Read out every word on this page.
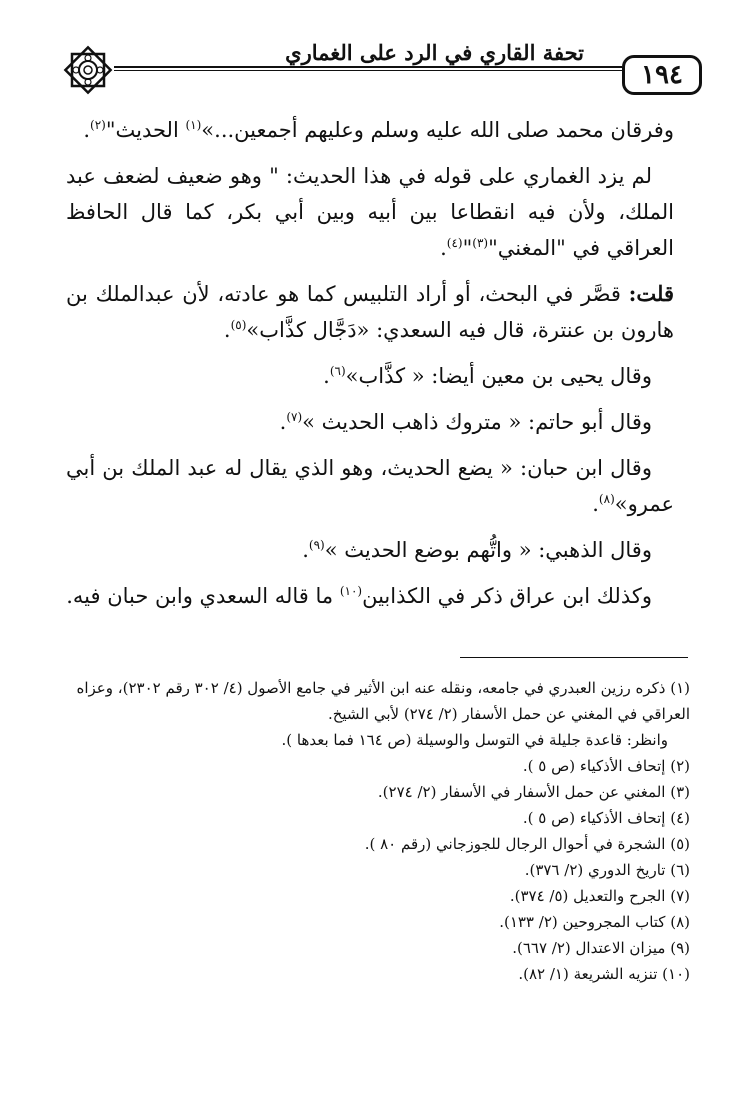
تحفة القاري في الرد على الغماري
١٩٤

وفرقان محمد صلى الله عليه وسلم وعليهم أجمعين...»$^{(١)}$ الحديث"$^{(٢)}$.

لم يزد الغماري على قوله في هذا الحديث: " وهو ضعيف لضعف عبد الملك، ولأن فيه انقطاعا بين أبيه وبين أبي بكر، كما قال الحافظ العراقي في "المغني"$^{(٣)}$"$^{(٤)}$.

قلت: قصَّر في البحث، أو أراد التلبيس كما هو عادته، لأن عبدالملك بن هارون بن عنترة، قال فيه السعدي: «دَجَّال كذَّاب»$^{(٥)}$.

وقال يحيى بن معين أيضا: « كذَّاب»$^{(٦)}$.

وقال أبو حاتم: « متروك ذاهب الحديث »$^{(٧)}$.

وقال ابن حبان: « يضع الحديث، وهو الذي يقال له عبد الملك بن أبي عمرو»$^{(٨)}$.

وقال الذهبي: « واتُّهم بوضع الحديث »$^{(٩)}$.

وكذلك ابن عراق ذكر في الكذابين$^{(١٠)}$ ما قاله السعدي وابن حبان فيه.

(١) ذكره رزين العبدري في جامعه، ونقله عنه ابن الأثير في جامع الأصول (٤/ ٣٠٢ رقم ٢٣٠٢)، وعزاه العراقي في المغني عن حمل الأسفار (٢/ ٢٧٤) لأبي الشيخ.

وانظر: قاعدة جليلة في التوسل والوسيلة (ص ١٦٤ فما بعدها ).

(٢) إتحاف الأذكياء (ص ٥ ).

(٣) المغني عن حمل الأسفار في الأسفار (٢/ ٢٧٤).

(٤) إتحاف الأذكياء (ص ٥ ).

(٥) الشجرة في أحوال الرجال للجوزجاني (رقم ٨٠ ).

(٦) تاريخ الدوري (٢/ ٣٧٦).

(٧) الجرح والتعديل (٥/ ٣٧٤).

(٨) كتاب المجروحين (٢/ ١٣٣).

(٩) ميزان الاعتدال (٢/ ٦٦٧).

(١٠) تنزيه الشريعة (١/ ٨٢).
